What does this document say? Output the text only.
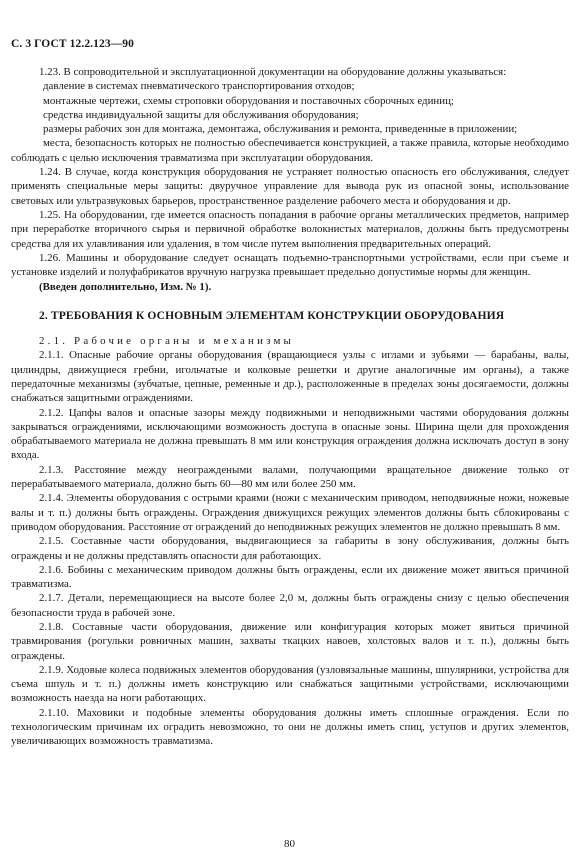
С. 3 ГОСТ 12.2.123—90

1.23. В сопроводительной и эксплуатационной документации на оборудование должны указываться:

давление в системах пневматического транспортирования отходов;

монтажные чертежи, схемы строповки оборудования и поставочных сборочных единиц;

средства индивидуальной защиты для обслуживания оборудования;

размеры рабочих зон для монтажа, демонтажа, обслуживания и ремонта, приведенные в приложении;

места, безопасность которых не полностью обеспечивается конструкцией, а также правила, которые необходимо соблюдать с целью исключения травматизма при эксплуатации оборудования.

1.24. В случае, когда конструкция оборудования не устраняет полностью опасность его обслуживания, следует применять специальные меры защиты: двуручное управление для вывода рук из опасной зоны, использование световых или ультразвуковых барьеров, пространственное разделение рабочего места и оборудования и др.

1.25. На оборудовании, где имеется опасность попадания в рабочие органы металлических предметов, например при переработке вторичного сырья и первичной обработке волокнистых материалов, должны быть предусмотрены средства для их улавливания или удаления, в том числе путем выполнения предварительных операций.

1.26. Машины и оборудование следует оснащать подъемно-транспортными устройствами, если при съеме и установке изделий и полуфабрикатов вручную нагрузка превышает предельно допустимые нормы для женщин.

(Введен дополнительно, Изм. № 1).

2. ТРЕБОВАНИЯ К ОСНОВНЫМ ЭЛЕМЕНТАМ КОНСТРУКЦИИ ОБОРУДОВАНИЯ

2.1. Рабочие органы и механизмы

2.1.1. Опасные рабочие органы оборудования (вращающиеся узлы с иглами и зубьями — барабаны, валы, цилиндры, движущиеся гребни, игольчатые и колковые решетки и другие аналогичные им органы), а также передаточные механизмы (зубчатые, цепные, ременные и др.), расположенные в пределах зоны досягаемости, должны снабжаться защитными ограждениями.

2.1.2. Цапфы валов и опасные зазоры между подвижными и неподвижными частями оборудования должны закрываться ограждениями, исключающими возможность доступа в опасные зоны. Ширина щели для прохождения обрабатываемого материала не должна превышать 8 мм или конструкция ограждения должна исключать доступ в зону входа.

2.1.3. Расстояние между неограждеными валами, получающими вращательное движение только от перерабатываемого материала, должно быть 60—80 мм или более 250 мм.

2.1.4. Элементы оборудования с острыми краями (ножи с механическим приводом, неподвижные ножи, ножевые валы и т. п.) должны быть ограждены. Ограждения движущихся режущих элементов должны быть сблокированы с приводом оборудования. Расстояние от ограждений до неподвижных режущих элементов не должно превышать 8 мм.

2.1.5. Составные части оборудования, выдвигающиеся за габариты в зону обслуживания, должны быть ограждены и не должны представлять опасности для работающих.

2.1.6. Бобины с механическим приводом должны быть ограждены, если их движение может явиться причиной травматизма.

2.1.7. Детали, перемещающиеся на высоте более 2,0 м, должны быть ограждены снизу с целью обеспечения безопасности труда в рабочей зоне.

2.1.8. Составные части оборудования, движение или конфигурация которых может явиться причиной травмирования (рогульки ровничных машин, захваты ткацких навоев, холстовых валов и т. п.), должны быть ограждены.

2.1.9. Ходовые колеса подвижных элементов оборудования (узловязальные машины, шпулярники, устройства для съема шпуль и т. п.) должны иметь конструкцию или снабжаться защитными устройствами, исключающими возможность наезда на ноги работающих.

2.1.10. Маховики и подобные элементы оборудования должны иметь сплошные ограждения. Если по технологическим причинам их оградить невозможно, то они не должны иметь спиц, уступов и других элементов, увеличивающих возможность травматизма.

80
